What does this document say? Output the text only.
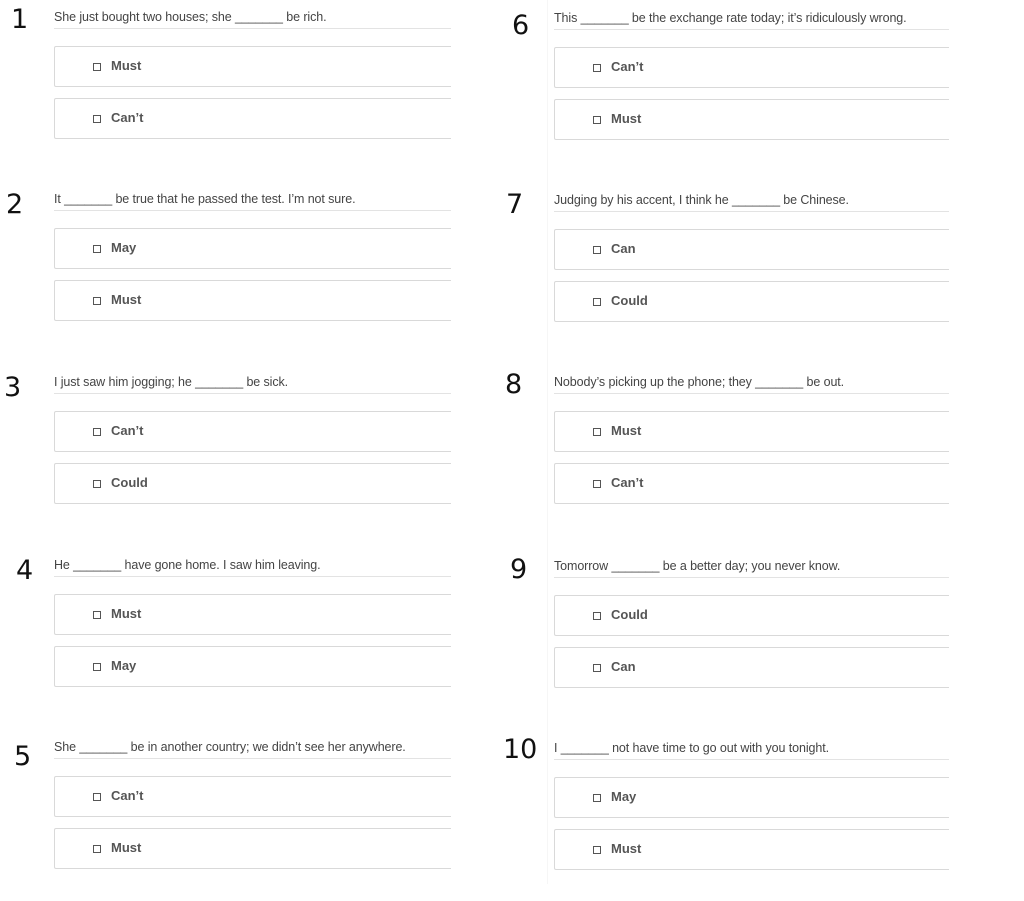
1 She just bought two houses; she _______ be rich.
Must
Can’t
2 It _______ be true that he passed the test. I’m not sure.
May
Must
3	I just saw him jogging; he _______ be sick.
Can’t
Could
4 He _______ have gone home. I saw him leaving.
Must
May
5 She _______ be in another country; we didn’t see her anywhere.
Can’t
Must
6 This _______ be the exchange rate today; it’s ridiculously wrong.
Can’t
Must
7 Judging by his accent, I think he _______ be Chinese.
Can
Could
8	Nobody’s picking up the phone; they _______ be out.
Must
Can’t
9 Tomorrow _______ be a better day; you never know.
Could
Can
10 I _______ not have time to go out with you tonight.
May
Must
